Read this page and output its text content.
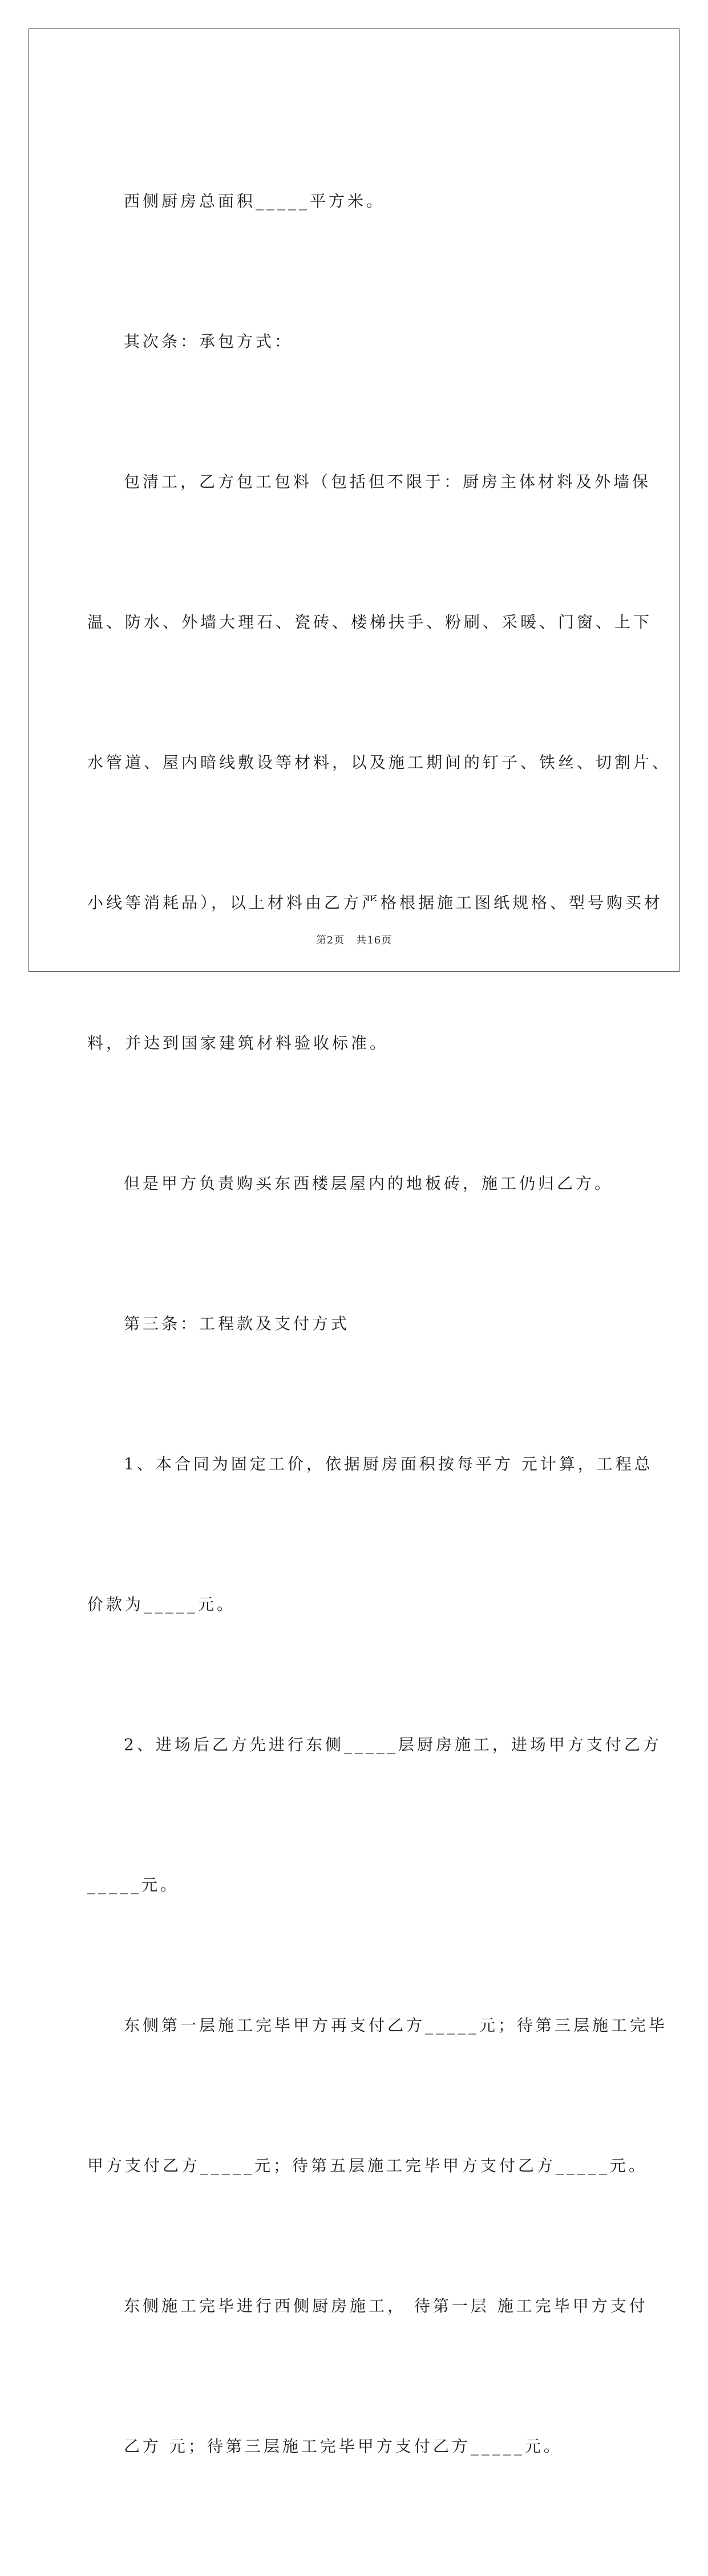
西侧厨房总面积_____平方米。

其次条：承包方式：

包清工，乙方包工包料（包括但不限于：厨房主体材料及外墙保

温、防水、外墙大理石、瓷砖、楼梯扶手、粉刷、采暖、门窗、上下

水管道、屋内暗线敷设等材料，以及施工期间的钉子、铁丝、切割片、

小线等消耗品），以上材料由乙方严格根据施工图纸规格、型号购买材

料，并达到国家建筑材料验收标准。

但是甲方负责购买东西楼层屋内的地板砖，施工仍归乙方。

第三条：工程款及支付方式

1、本合同为固定工价，依据厨房面积按每平方 元计算，工程总

价款为_____元。

2、进场后乙方先进行东侧_____层厨房施工，进场甲方支付乙方

_____元。

东侧第一层施工完毕甲方再支付乙方_____元；待第三层施工完毕

甲方支付乙方_____元；待第五层施工完毕甲方支付乙方_____元。

东侧施工完毕进行西侧厨房施工， 待第一层 施工完毕甲方支付

乙方 元；待第三层施工完毕甲方支付乙方_____元。

第2页 共16页
